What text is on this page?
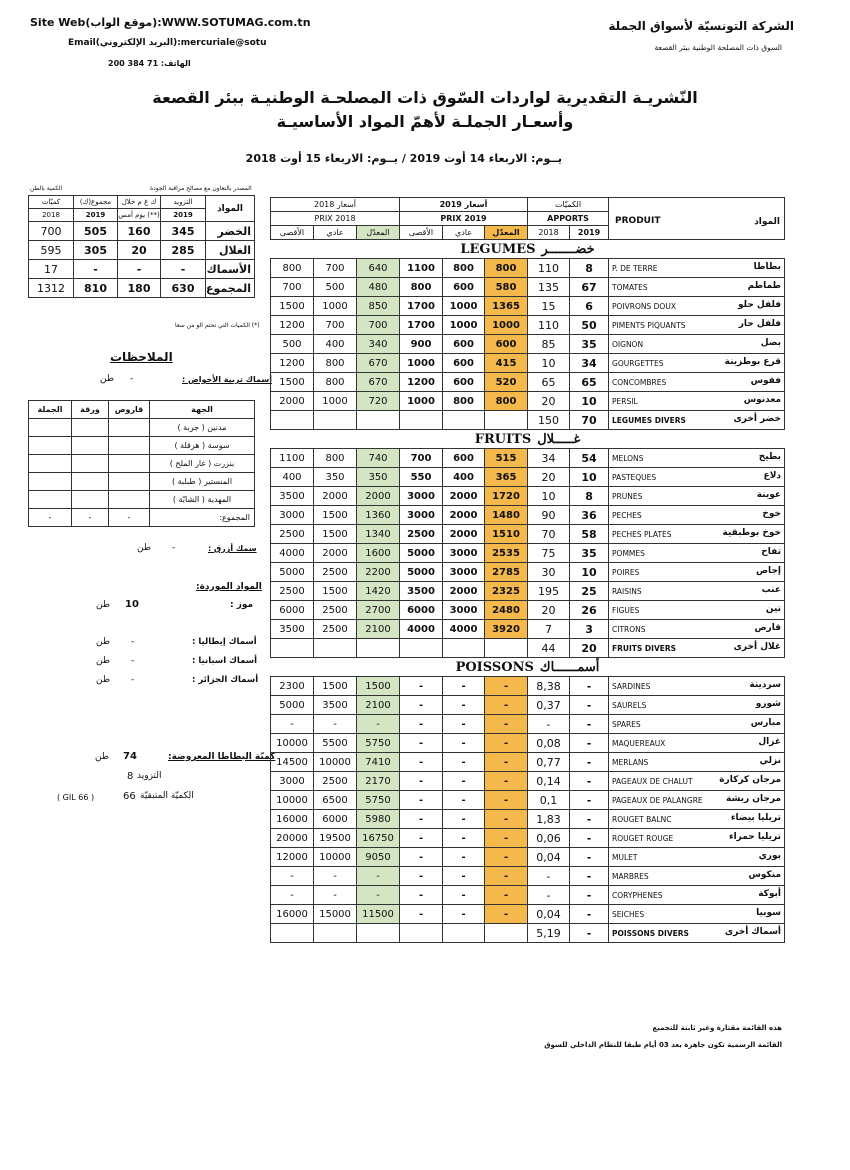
Site Web(موقع الواب):WWW.SOTUMAG.com.tn
Email(البريد الإلكتروني):mercuriale@sotu
الهاتف: 71 384 200
الشركة التونسيّة لأسواق الجملة
السوق ذات المصلحة الوطنية ببئر القصعة
النّشريـة التقديرية لواردات السّوق ذات المصلحـة الوطنيـة ببئر القصعة
وأسعـار الجملـة لأهمّ المواد الأساسيـة
يــوم: الاربعاء 14 أوت 2019 / يــوم: الاربعاء 15 أوت 2018
الكمية بالطن	المصدر بالتعاون مع مصالح مراقبة الجودة
كميّات	مجموع(ك)	ك غ م خلال	التزويد	المواد
2018	2019	يوم أمس (**)	2019	
700	505	160	345	الخضر
595	305	20	285	الغلال
17	-	-	-	الأسماك
1312	810	180	630	المجموع
(*) الكميات التي تحتم الو من سعا
الملاحظات
أسماك تربية الأحواض :
-
طن
الجملة	ورقة	قاروص	الجهة
			مدنين ( جربة )
			سوسة ( هرقلة )
			بنزرت ( غار الملح )
			المنستير ( طبلبة )
			المهدية ( الشابّة )
-	-	-	المجموع:
سمك أزرق :
-
طن
المواد الموردة:
موز :
10
طن
أسماك إيطاليا :
-
طن
أسماك اسبانيا :
-
طن
أسماك الجزائر :
-
طن
كميّة البطاطا المعروضة:
74
طن
التزويد
8
الكميّة المتبقيّة
66
( GIL 66 )
أسعار 2018			أسعار 2019			الكميّات		PRODUIT المواد

PRIX 2018			PRIX 2019			APPORTS		
الأقصى	عادي	المعدّل	الأقصى	عادي	المعدّل	2018	2019	
LEGUMES خضـــــــر								
800	700	640	1100	800	800	110	8	P. DE TERRE بطاطا

700	500	480	800	600	580	135	67	TOMATES طماطم

1500	1000	850	1700	1000	1365	15	6	POIVRONS DOUX فلفل حلو

1200	700	700	1700	1000	1000	110	50	PIMENTS PIQUANTS فلفل حار

500	400	340	900	600	600	85	35	OIGNON بصل

1200	800	670	1000	600	415	10	34	GOURGETTES قرع بوطزينة

1500	800	670	1200	600	520	65	65	CONCOMBRES فقوس

2000	1000	720	1000	800	800	20	10	PERSIL معدنوس

						150	70	LEGUMES DIVERS خضر أخرى

FRUITS غـــــلال								
1100	800	740	700	600	515	34	54	MELONS بطيخ

400	350	350	550	400	365	20	10	PASTEQUES دلاع

3500	2000	2000	3000	2000	1720	10	8	PRUNES عوينة

3000	1500	1360	3000	2000	1480	90	36	PECHES خوخ

2500	1500	1340	2500	2000	1510	70	58	PECHES PLATES خوخ بوطبقية

4000	2000	1600	5000	3000	2535	75	35	POMMES تفاح

5000	2500	2200	5000	3000	2785	30	10	POIRES إجاص

2500	1500	1420	3500	2000	2325	195	25	RAISINS عنب

6000	2500	2700	6000	3000	2480	20	26	FIGUES تين

3500	2500	2100	4000	4000	3920	7	3	CITRONS قارص

						44	20	FRUITS DIVERS غلال أخرى

POISSONS أسمــــــاك								
2300	1500	1500	-	-	-	8,38	-	SARDINES سردينة

5000	3500	2100	-	-	-	0,37	-	SAURELS شورو

-	-	-	-	-	-	-	-	SPARES مبارس

10000	5500	5750	-	-	-	0,08	-	MAQUEREAUX غزال

14500	10000	7410	-	-	-	0,77	-	MERLANS نزلي

3000	2500	2170	-	-	-	0,14	-	PAGEAUX DE CHALUT مرجان كركارة

10000	6500	5750	-	-	-	0,1	-	PAGEAUX DE PALANGRE مرجان ريشة

16000	6000	5980	-	-	-	1,83	-	ROUGET BALNC تريليا بيضاء

20000	19500	16750	-	-	-	0,06	-	ROUGET ROUGE تريليا حمراء

12000	10000	9050	-	-	-	0,04	-	MULET بوري

-	-	-	-	-	-	-	-	MARBRES منكوس

-	-	-	-	-	-	-	-	CORYPHENES أبوكة

16000	15000	11500	-	-	-	0,04	-	SEICHES سوبيا

						5,19	-	POISSONS DIVERS أسماك أخرى
هذه القائمة مقتارة وغير ثابتة للتجميع
القائمة الرسمية تكون جاهزة بعد 03 أيام طبقا للنظام الداخلي للسوق
